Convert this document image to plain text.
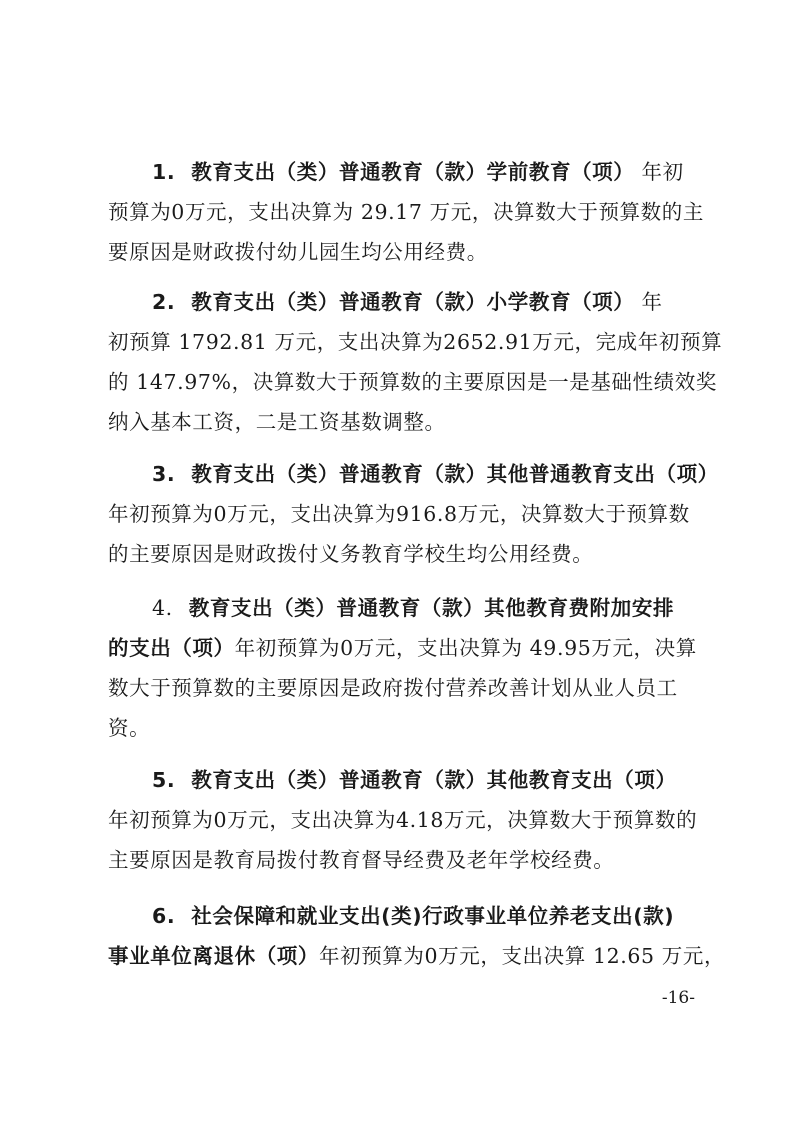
1. 教育支出（类）普通教育（款）学前教育（项） 年初
预算为0万元，支出决算为 29.17 万元，决算数大于预算数的主
要原因是财政拨付幼儿园生均公用经费。
2. 教育支出（类）普通教育（款）小学教育（项） 年
初预算 1792.81 万元，支出决算为2652.91万元，完成年初预算
的 147.97%，决算数大于预算数的主要原因是一是基础性绩效奖
纳入基本工资，二是工资基数调整。
3. 教育支出（类）普通教育（款）其他普通教育支出（项）
年初预算为0万元，支出决算为916.8万元，决算数大于预算数
的主要原因是财政拨付义务教育学校生均公用经费。
4. 教育支出（类）普通教育（款）其他教育费附加安排
的支出（项）年初预算为0万元，支出决算为 49.95万元，决算
数大于预算数的主要原因是政府拨付营养改善计划从业人员工
资。
5. 教育支出（类）普通教育（款）其他教育支出（项）
年初预算为0万元，支出决算为4.18万元，决算数大于预算数的
主要原因是教育局拨付教育督导经费及老年学校经费。
6. 社会保障和就业支出(类)行政事业单位养老支出(款)
事业单位离退休（项）年初预算为0万元，支出决算 12.65 万元，
-16-
